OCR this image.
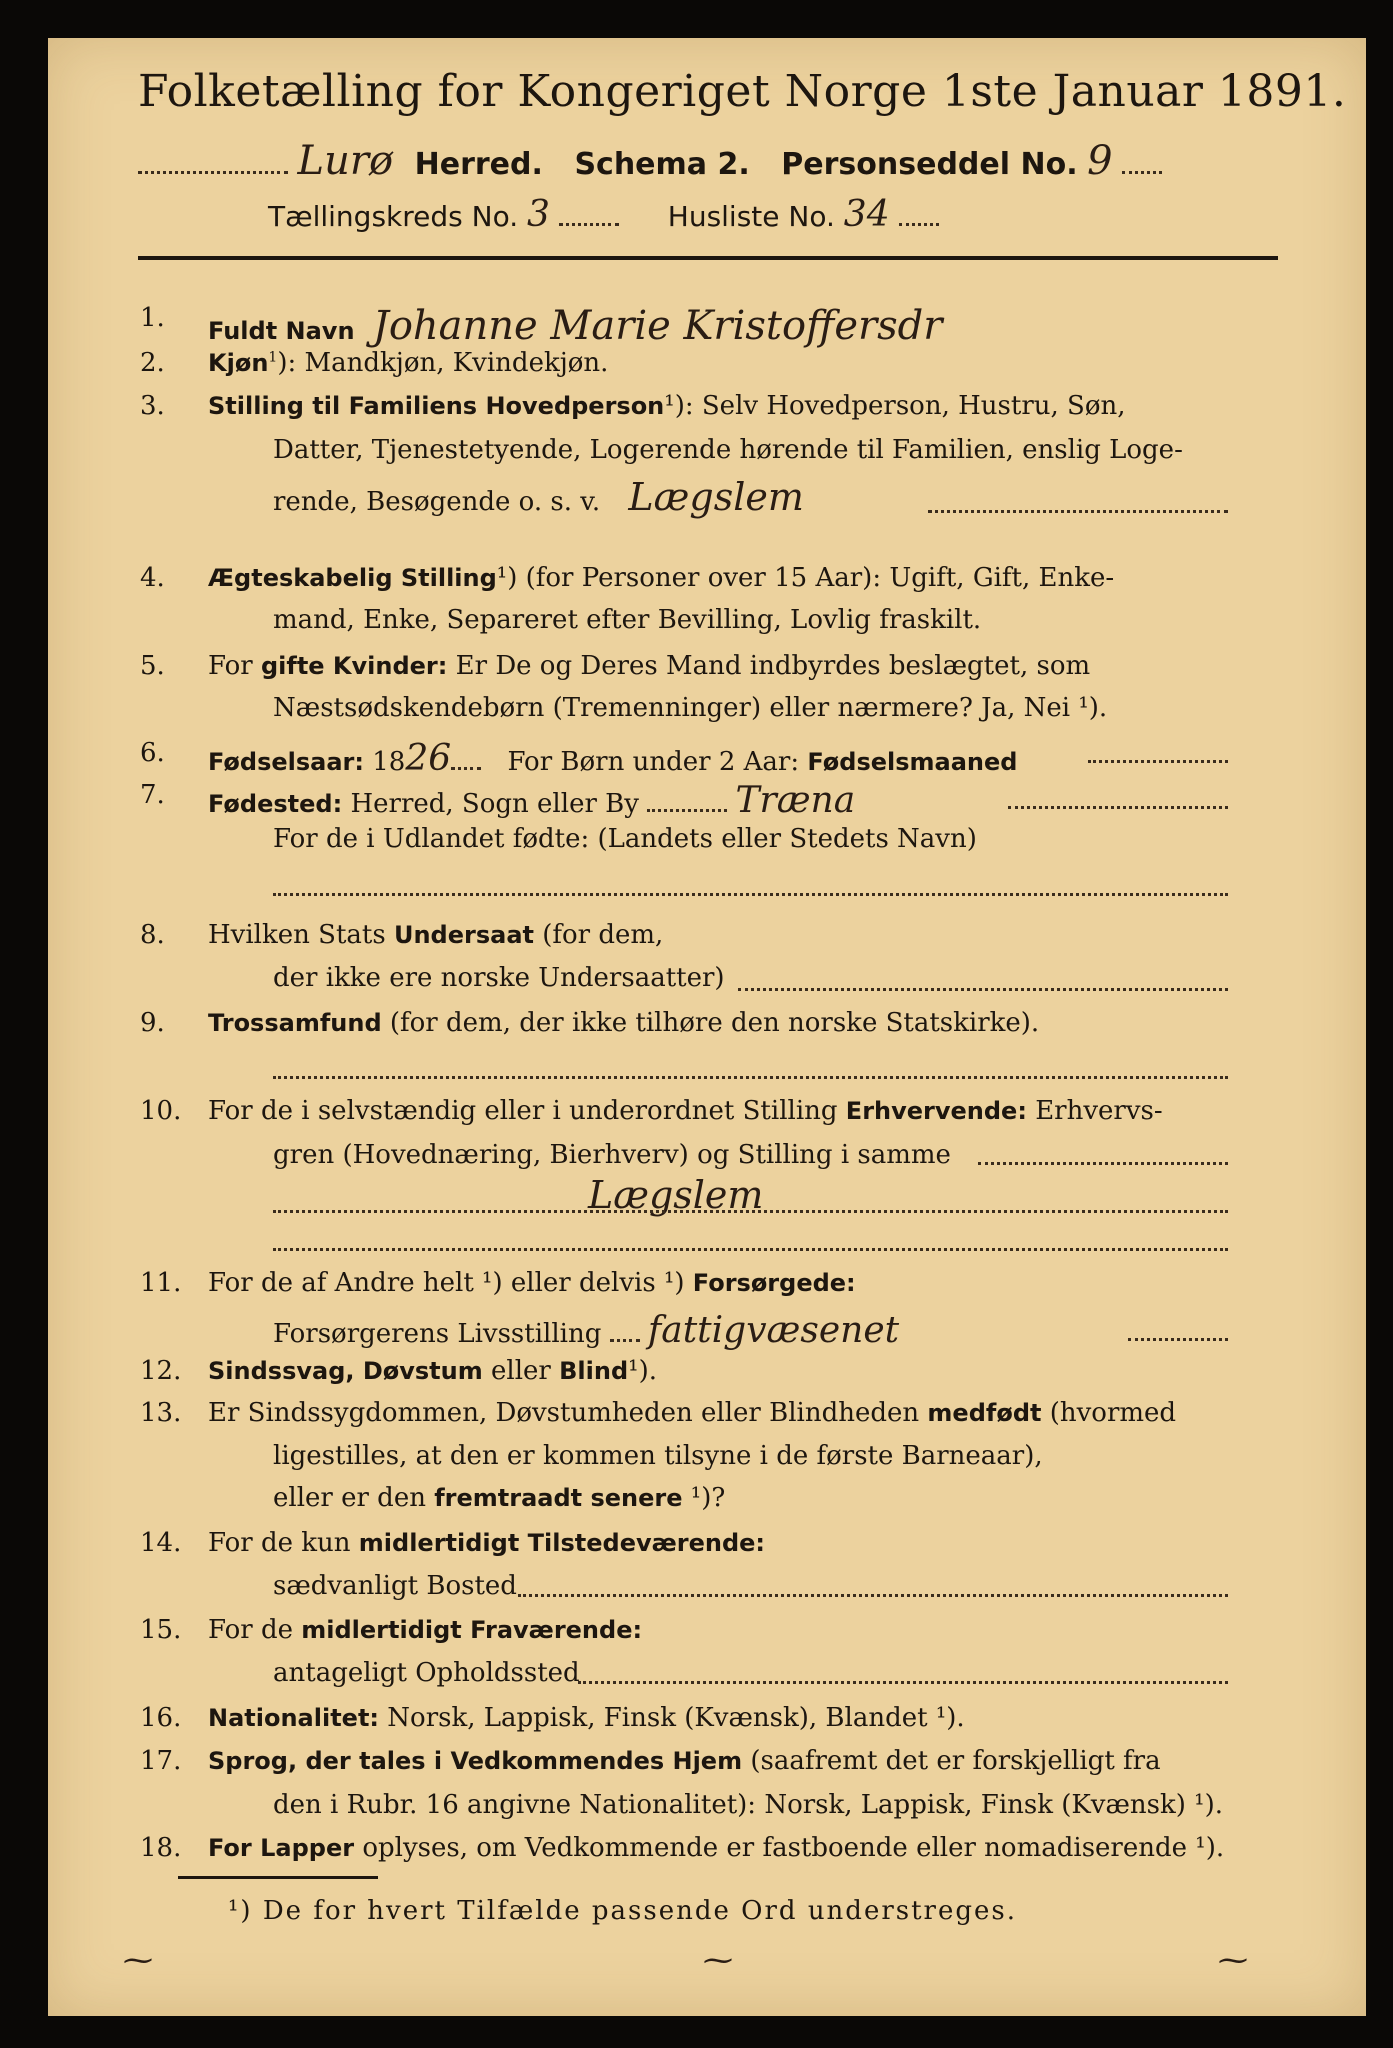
Folketælling for Kongeriget Norge 1ste Januar 1891.
Lurø Herred. Schema 2. Personseddel No. 9
Tællingskreds No. 3	Husliste No. 34
1.	Fuldt Navn Johanne Marie Kristoffersdr
2.	Kjøn$^1$): Mandkjøn, Kvindekjøn.
3.	Stilling til Familiens Hovedperson¹): Selv Hovedperson, Hustru, Søn,
Datter, Tjenestetyende, Logerende hørende til Familien, enslig Loge-
rende, Besøgende o. s. v. Lægslem
4.	Ægteskabelig Stilling¹) (for Personer over 15 Aar): Ugift, Gift, Enke-
mand, Enke, Separeret efter Bevilling, Lovlig fraskilt.
5.	For gifte Kvinder: Er De og Deres Mand indbyrdes beslægtet, som
Næstsødskendebørn (Tremenninger) eller nærmere? Ja, Nei ¹).
6.	Fødselsaar: 1826 For Børn under 2 Aar: Fødselsmaaned
7.	Fødested: Herred, Sogn eller By	Træna
For de i Udlandet fødte: (Landets eller Stedets Navn)
8.	Hvilken Stats Undersaat (for dem,
der ikke ere norske Undersaatter)
9.	Trossamfund (for dem, der ikke tilhøre den norske Statskirke).
10.	For de i selvstændig eller i underordnet Stilling Erhvervende: Erhvervs-
gren (Hovednæring, Bierhverv) og Stilling i samme
Lægslem
11.	For de af Andre helt ¹) eller delvis ¹) Forsørgede:
Forsørgerens Livsstilling fattigvæsenet
12.	Sindssvag, Døvstum eller Blind¹).
13.	Er Sindssygdommen, Døvstumheden eller Blindheden medfødt (hvormed
ligestilles, at den er kommen tilsyne i de første Barneaar),
eller er den fremtraadt senere ¹)?
14.	For de kun midlertidigt Tilstedeværende:
sædvanligt Bosted
15.	For de midlertidigt Fraværende:
antageligt Opholdssted
16.	Nationalitet: Norsk, Lappisk, Finsk (Kvænsk), Blandet ¹).
17.	Sprog, der tales i Vedkommendes Hjem (saafremt det er forskjelligt fra
den i Rubr. 16 angivne Nationalitet): Norsk, Lappisk, Finsk (Kvænsk) ¹).
18.	For Lapper oplyses, om Vedkommende er fastboende eller nomadiserende ¹).
¹) De for hvert Tilfælde passende Ord understreges.
⁓	⁓	⁓
